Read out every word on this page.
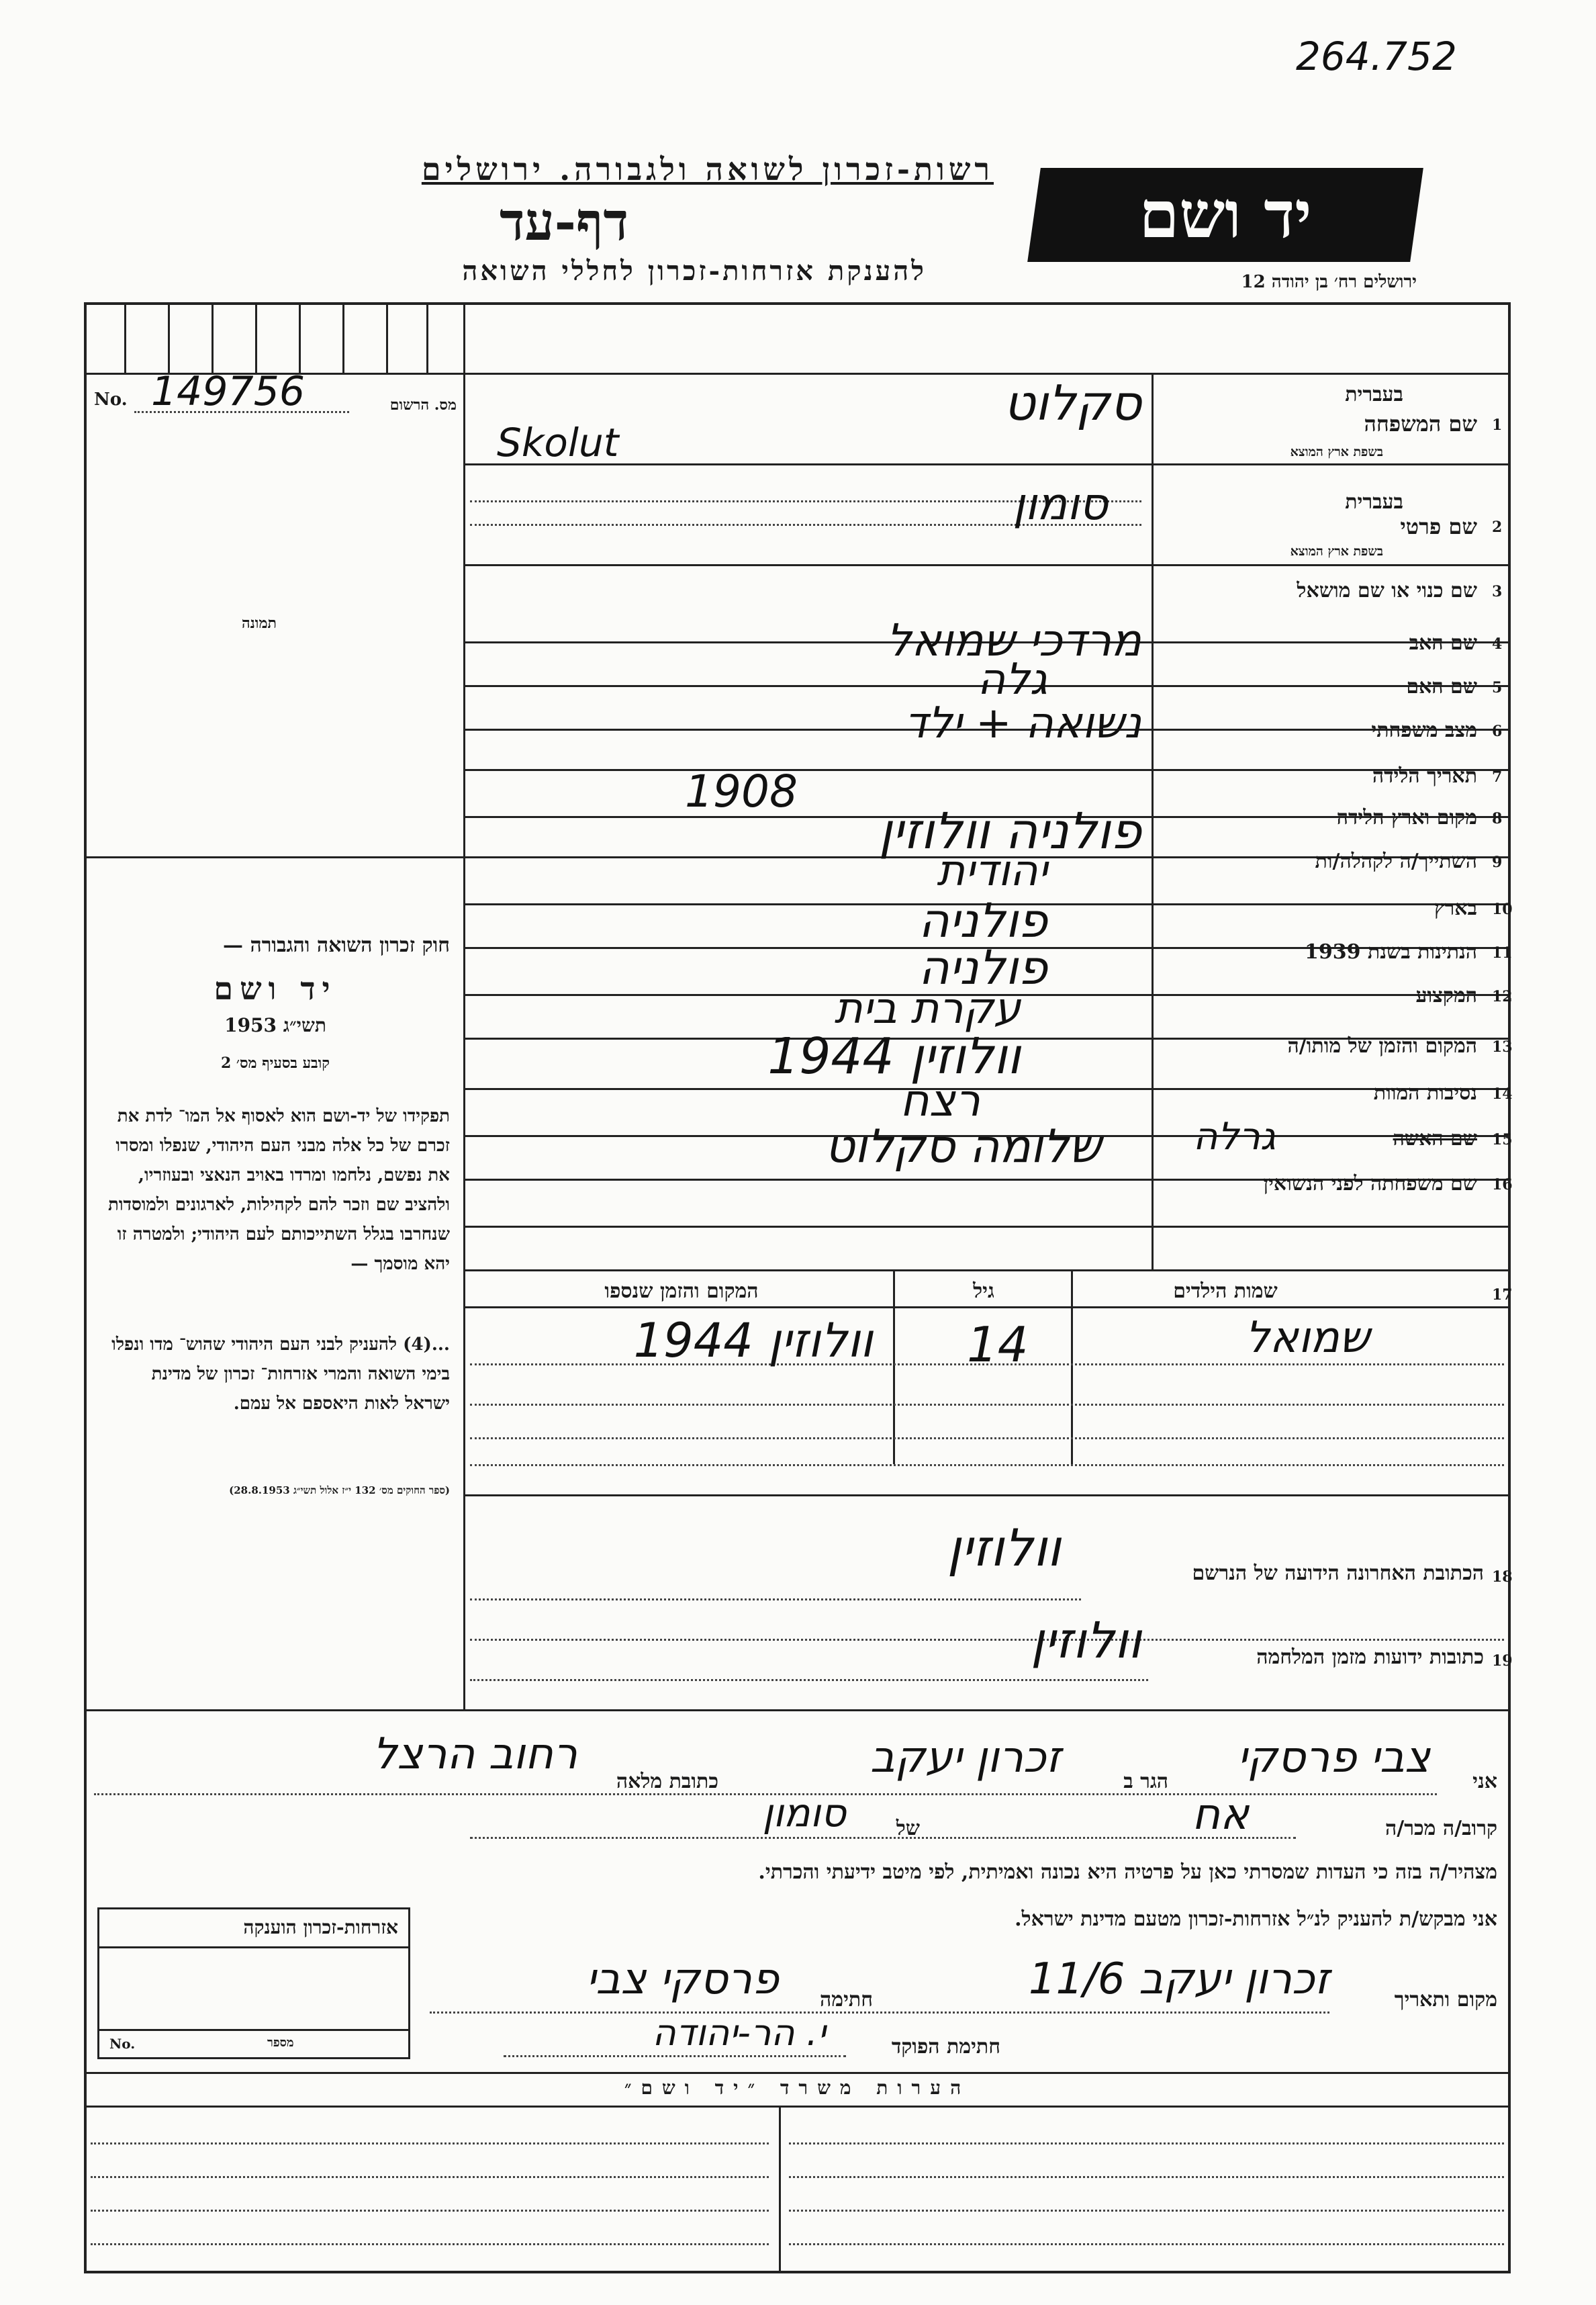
264.752
רשות-זכרון לשואה ולגבורה. ירושלים
דף-עד
להענקת אזרחות-זכרון לחללי השואה
יד ושם
ירושלים רח׳ בן יהודה 12
No. 149756	מס. הרשום
תמונה
חוק זכרון השואה והגבורה —
יד ושם
תשי״ג 1953
קובע בסעיף מס׳ 2
תפקידו של יד-ושם הוא לאסוף אל המו־ לדת את זכרם של כל אלה מבני העם היהודי, שנפלו ומסרו את נפשם, נלחמו ומרדו באויב הנאצי ובעוזריו, ולהציב שם וזכר להם לקהילות, לארגונים ולמוסדות שנחרבו בגלל השתייכותם לעם היהודי; ולמטרה זו יהא מוסמך —
...(4) להעניק לבני העם היהודי שהוש־ מדו ונפלו בימי השואה והמרי אזרחות־ זכרון של מדינת ישראל לאות היאספם אל עמם.
(ספר החוקים מס׳ 132 י״ז אלול תשי״ג 28.8.1953)
בעברית
שם המשפחה 1
בשפת ארץ המוצא
סקלוט
Skolut
בעברית
שם פרטי 2
בשפת ארץ המוצא
סומון
שם כנוי או שם מושאל 3
שם האב 4
מרדכי שמואל
שם האם 5
גלה
מצב משפחתי 6
נשואה + ילד
תאריך הלידה 7
1908
מקום וארץ הלידה 8
פולניה וולוזין
השתייך/ה לקהלה/ות 9
יהודית
בארץ 10
פולניה
הנתינות בשנת 1939 11
פולניה
המקצוע 12
עקרת בית
המקום והזמן של מותו/ה 13
וולוזין 1944
נסיבות המוות 14
רצח
שם האשה 15
גרלה
שלומה סקלוט
שם משפחתה לפני הנשואין 16
17
שמות הילדים
גיל
המקום והזמן שנספו
שמואל
14
וולוזין 1944
18
הכתובת האחרונה הידועה של הנרשם
וולוזין
19
כתובות ידועות מזמן המלחמה
וולוזין
אני
צבי פרסקי
הגר ב
זכרון יעקב
כתובת מלאה
רחוב הרצל
קרוב/ה מכר/ה
אח
של
סומון
מצהיר/ה בזה כי העדות שמסרתי כאן על פרטיה היא נכונה ואמיתית, לפי מיטב ידיעתי והכרתי.
אני מבקש/ת להעניק לנ״ל אזרחות-זכרון מטעם מדינת ישראל.
מקום ותאריך
זכרון יעקב 11/6
חתימה
פרסקי צבי
חתימת הפוקד
י. הר-יהודה
אזרחות-זכרון הוענקה
No.	מספר
הערות משרד ״יד ושם״
